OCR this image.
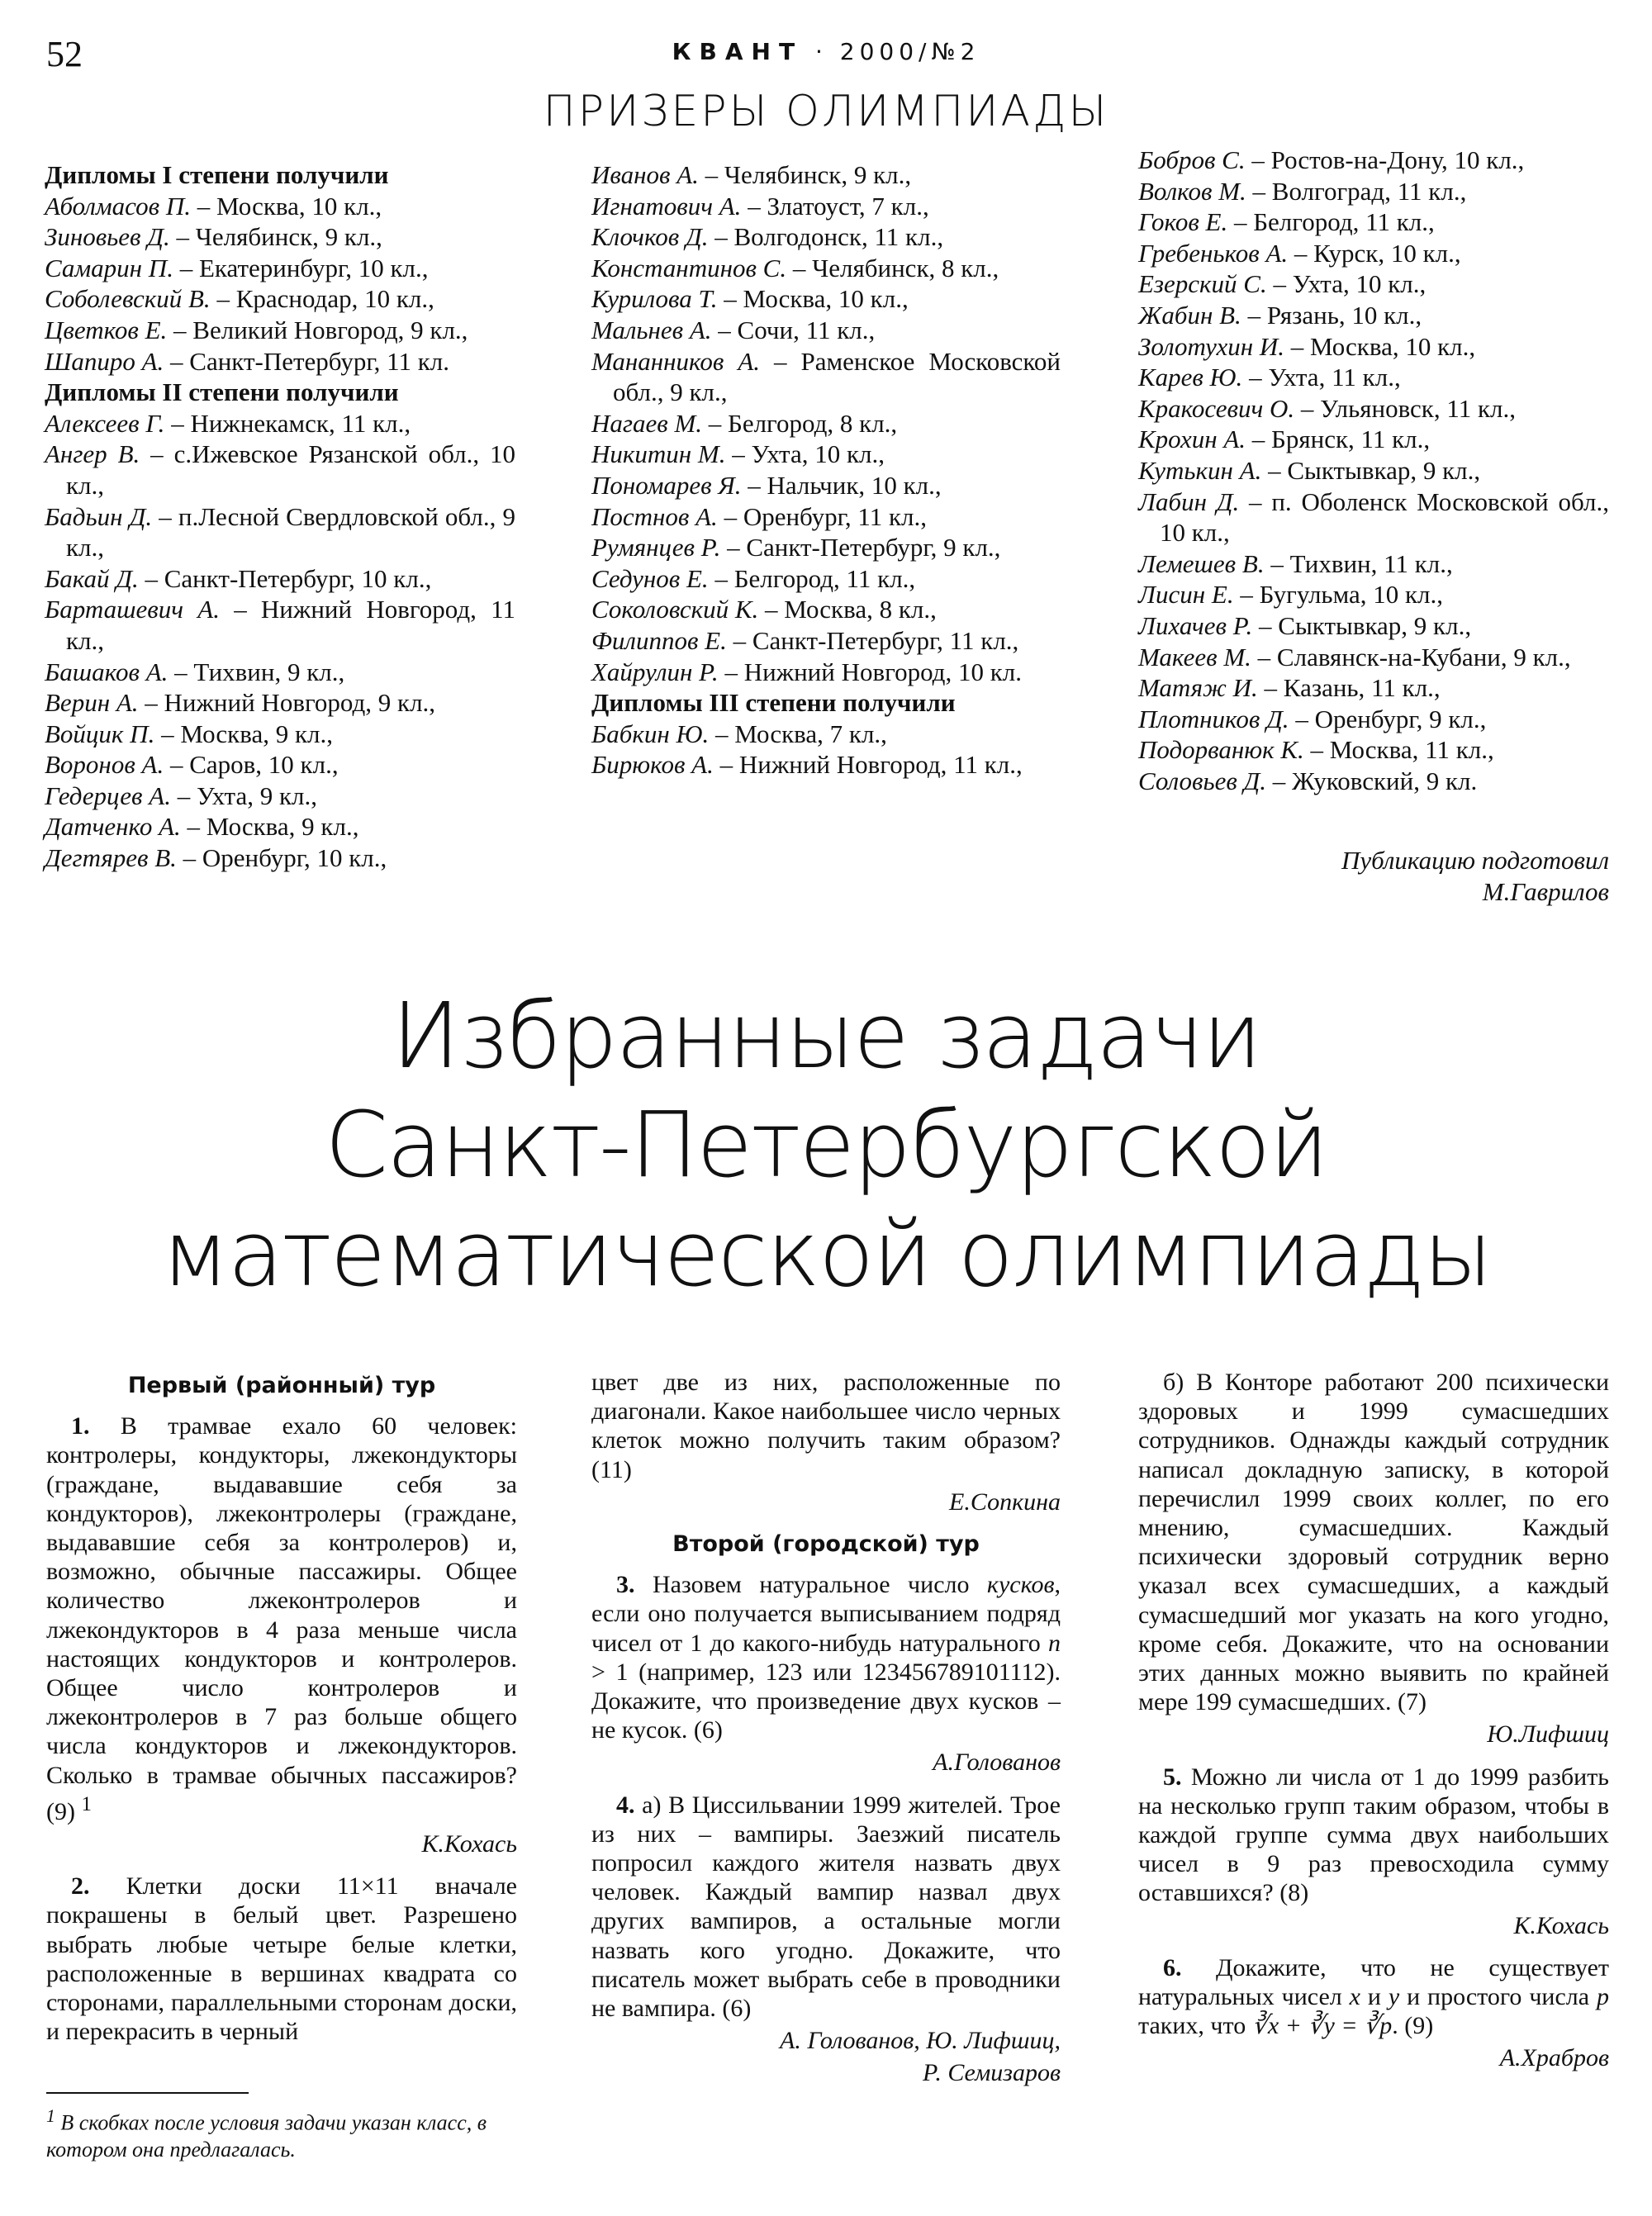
52	КВАНТ · 2000/№2
ПРИЗЕРЫ ОЛИМПИАДЫ
Дипломы I степени получили
Аболмасов П. – Москва, 10 кл.,
Зиновьев Д. – Челябинск, 9 кл.,
Самарин П. – Екатеринбург, 10 кл.,
Соболевский В. – Краснодар, 10 кл.,
Цветков Е. – Великий Новгород, 9 кл.,
Шапиро А. – Санкт-Петербург, 11 кл.
Дипломы II степени получили
Алексеев Г. – Нижнекамск, 11 кл.,
Ангер В. – с.Ижевское Рязанской обл., 10 кл.,
Бадьин Д. – п.Лесной Свердловской обл., 9 кл.,
Бакай Д. – Санкт-Петербург, 10 кл.,
Барташевич А. – Нижний Новгород, 11 кл.,
Башаков А. – Тихвин, 9 кл.,
Верин А. – Нижний Новгород, 9 кл.,
Войцик П. – Москва, 9 кл.,
Воронов А. – Саров, 10 кл.,
Гедерцев А. – Ухта, 9 кл.,
Датченко А. – Москва, 9 кл.,
Дегтярев В. – Оренбург, 10 кл.,
Иванов А. – Челябинск, 9 кл.,
Игнатович А. – Златоуст, 7 кл.,
Клочков Д. – Волгодонск, 11 кл.,
Константинов С. – Челябинск, 8 кл.,
Курилова Т. – Москва, 10 кл.,
Мальнев А. – Сочи, 11 кл.,
Мананников А. – Раменское Московской обл., 9 кл.,
Нагаев М. – Белгород, 8 кл.,
Никитин М. – Ухта, 10 кл.,
Пономарев Я. – Нальчик, 10 кл.,
Постнов А. – Оренбург, 11 кл.,
Румянцев Р. – Санкт-Петербург, 9 кл.,
Седунов Е. – Белгород, 11 кл.,
Соколовский К. – Москва, 8 кл.,
Филиппов Е. – Санкт-Петербург, 11 кл.,
Хайрулин Р. – Нижний Новгород, 10 кл.
Дипломы III степени получили
Бабкин Ю. – Москва, 7 кл.,
Бирюков А. – Нижний Новгород, 11 кл.,
Бобров С. – Ростов-на-Дону, 10 кл.,
Волков М. – Волгоград, 11 кл.,
Гоков Е. – Белгород, 11 кл.,
Гребеньков А. – Курск, 10 кл.,
Езерский С. – Ухта, 10 кл.,
Жабин В. – Рязань, 10 кл.,
Золотухин И. – Москва, 10 кл.,
Карев Ю. – Ухта, 11 кл.,
Кракосевич О. – Ульяновск, 11 кл.,
Крохин А. – Брянск, 11 кл.,
Кутькин А. – Сыктывкар, 9 кл.,
Лабин Д. – п. Оболенск Московской обл., 10 кл.,
Лемешев В. – Тихвин, 11 кл.,
Лисин Е. – Бугульма, 10 кл.,
Лихачев Р. – Сыктывкар, 9 кл.,
Макеев М. – Славянск-на-Кубани, 9 кл.,
Матяж И. – Казань, 11 кл.,
Плотников Д. – Оренбург, 9 кл.,
Подорванюк К. – Москва, 11 кл.,
Соловьев Д. – Жуковский, 9 кл.
Публикацию подготовил
М.Гаврилов
Избранные задачи
Санкт-Петербургской
математической олимпиады
Первый (районный) тур

1. В трамвае ехало 60 человек: контролеры, кондукторы, лжекондукторы (граждане, выдававшие себя за кондукторов), лжеконтролеры (граждане, выдававшие себя за контролеров) и, возможно, обычные пассажиры. Общее количество лжеконтролеров и лжекондукторов в 4 раза меньше числа настоящих кондукторов и контролеров. Общее число контролеров и лжеконтролеров в 7 раз больше общего числа кондукторов и лжекондукторов. Сколько в трамвае обычных пассажиров? (9) $^1$

К.Кохась

2. Клетки доски 11×11 вначале покрашены в белый цвет. Разрешено выбрать любые четыре белые клетки, расположенные в вершинах квадрата со сторонами, параллельными сторонам доски, и перекрасить в черный

цвет две из них, расположенные по диагонали. Какое наибольшее число черных клеток можно получить таким образом? (11)

Е.Сопкина
Второй (городской) тур

3. Назовем натуральное число кусков, если оно получается выписыванием подряд чисел от 1 до какого-нибудь натурального n > 1 (например, 123 или 123456789101112). Докажите, что произведение двух кусков – не кусок. (6)

А.Голованов

4. а) В Циссильвании 1999 жителей. Трое из них – вампиры. Заезжий писатель попросил каждого жителя назвать двух человек. Каждый вампир назвал двух других вампиров, а остальные могли назвать кого угодно. Докажите, что писатель может выбрать себе в проводники не вампира. (6)

А. Голованов, Ю. Лифшиц,
Р. Семизаров

б) В Конторе работают 200 психически здоровых и 1999 сумасшедших сотрудников. Однажды каждый сотрудник написал докладную записку, в которой перечислил 1999 своих коллег, по его мнению, сумасшедших. Каждый психически здоровый сотрудник верно указал всех сумасшедших, а каждый сумасшедший мог указать на кого угодно, кроме себя. Докажите, что на основании этих данных можно выявить по крайней мере 199 сумасшедших. (7)

Ю.Лифшиц

5. Можно ли числа от 1 до 1999 разбить на несколько групп таким образом, чтобы в каждой группе сумма двух наибольших чисел в 9 раз превосходила сумму оставшихся? (8)

К.Кохась

6. Докажите, что не существует натуральных чисел x и y и простого числа p таких, что ∛x + ∛y = ∛p. (9)

А.Храбров
$^1$ В скобках после условия задачи указан класс, в котором она предлагалась.
